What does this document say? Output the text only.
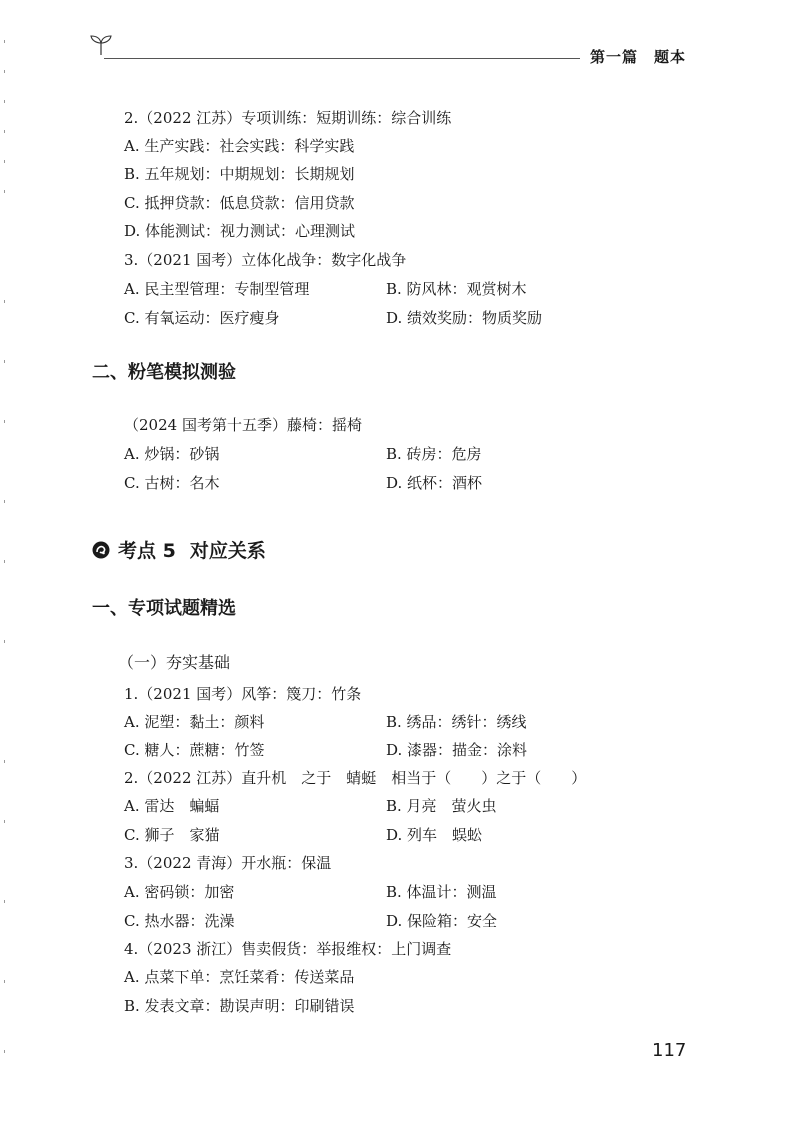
第一篇　题本
2.（2022 江苏）专项训练：短期训练：综合训练
A. 生产实践：社会实践：科学实践
B. 五年规划：中期规划：长期规划
C. 抵押贷款：低息贷款：信用贷款
D. 体能测试：视力测试：心理测试
3.（2021 国考）立体化战争：数字化战争
A. 民主型管理：专制型管理	B. 防风林：观赏树木
C. 有氧运动：医疗瘦身	D. 绩效奖励：物质奖励
二、粉笔模拟测验
（2024 国考第十五季）藤椅：摇椅
A. 炒锅：砂锅	B. 砖房：危房
C. 古树：名木	D. 纸杯：酒杯
考点 5 对应关系
一、专项试题精选
（一）夯实基础
1.（2021 国考）风筝：篾刀：竹条
A. 泥塑：黏土：颜料	B. 绣品：绣针：绣线
C. 糖人：蔗糖：竹签	D. 漆器：描金：涂料
2.（2022 江苏）直升机　之于　蜻蜓　相当于（　　）之于（　　）
A. 雷达　蝙蝠	B. 月亮　萤火虫
C. 狮子　家猫	D. 列车　蜈蚣
3.（2022 青海）开水瓶：保温
A. 密码锁：加密	B. 体温计：测温
C. 热水器：洗澡	D. 保险箱：安全
4.（2023 浙江）售卖假货：举报维权：上门调查
A. 点菜下单：烹饪菜肴：传送菜品
B. 发表文章：勘误声明：印刷错误
117
